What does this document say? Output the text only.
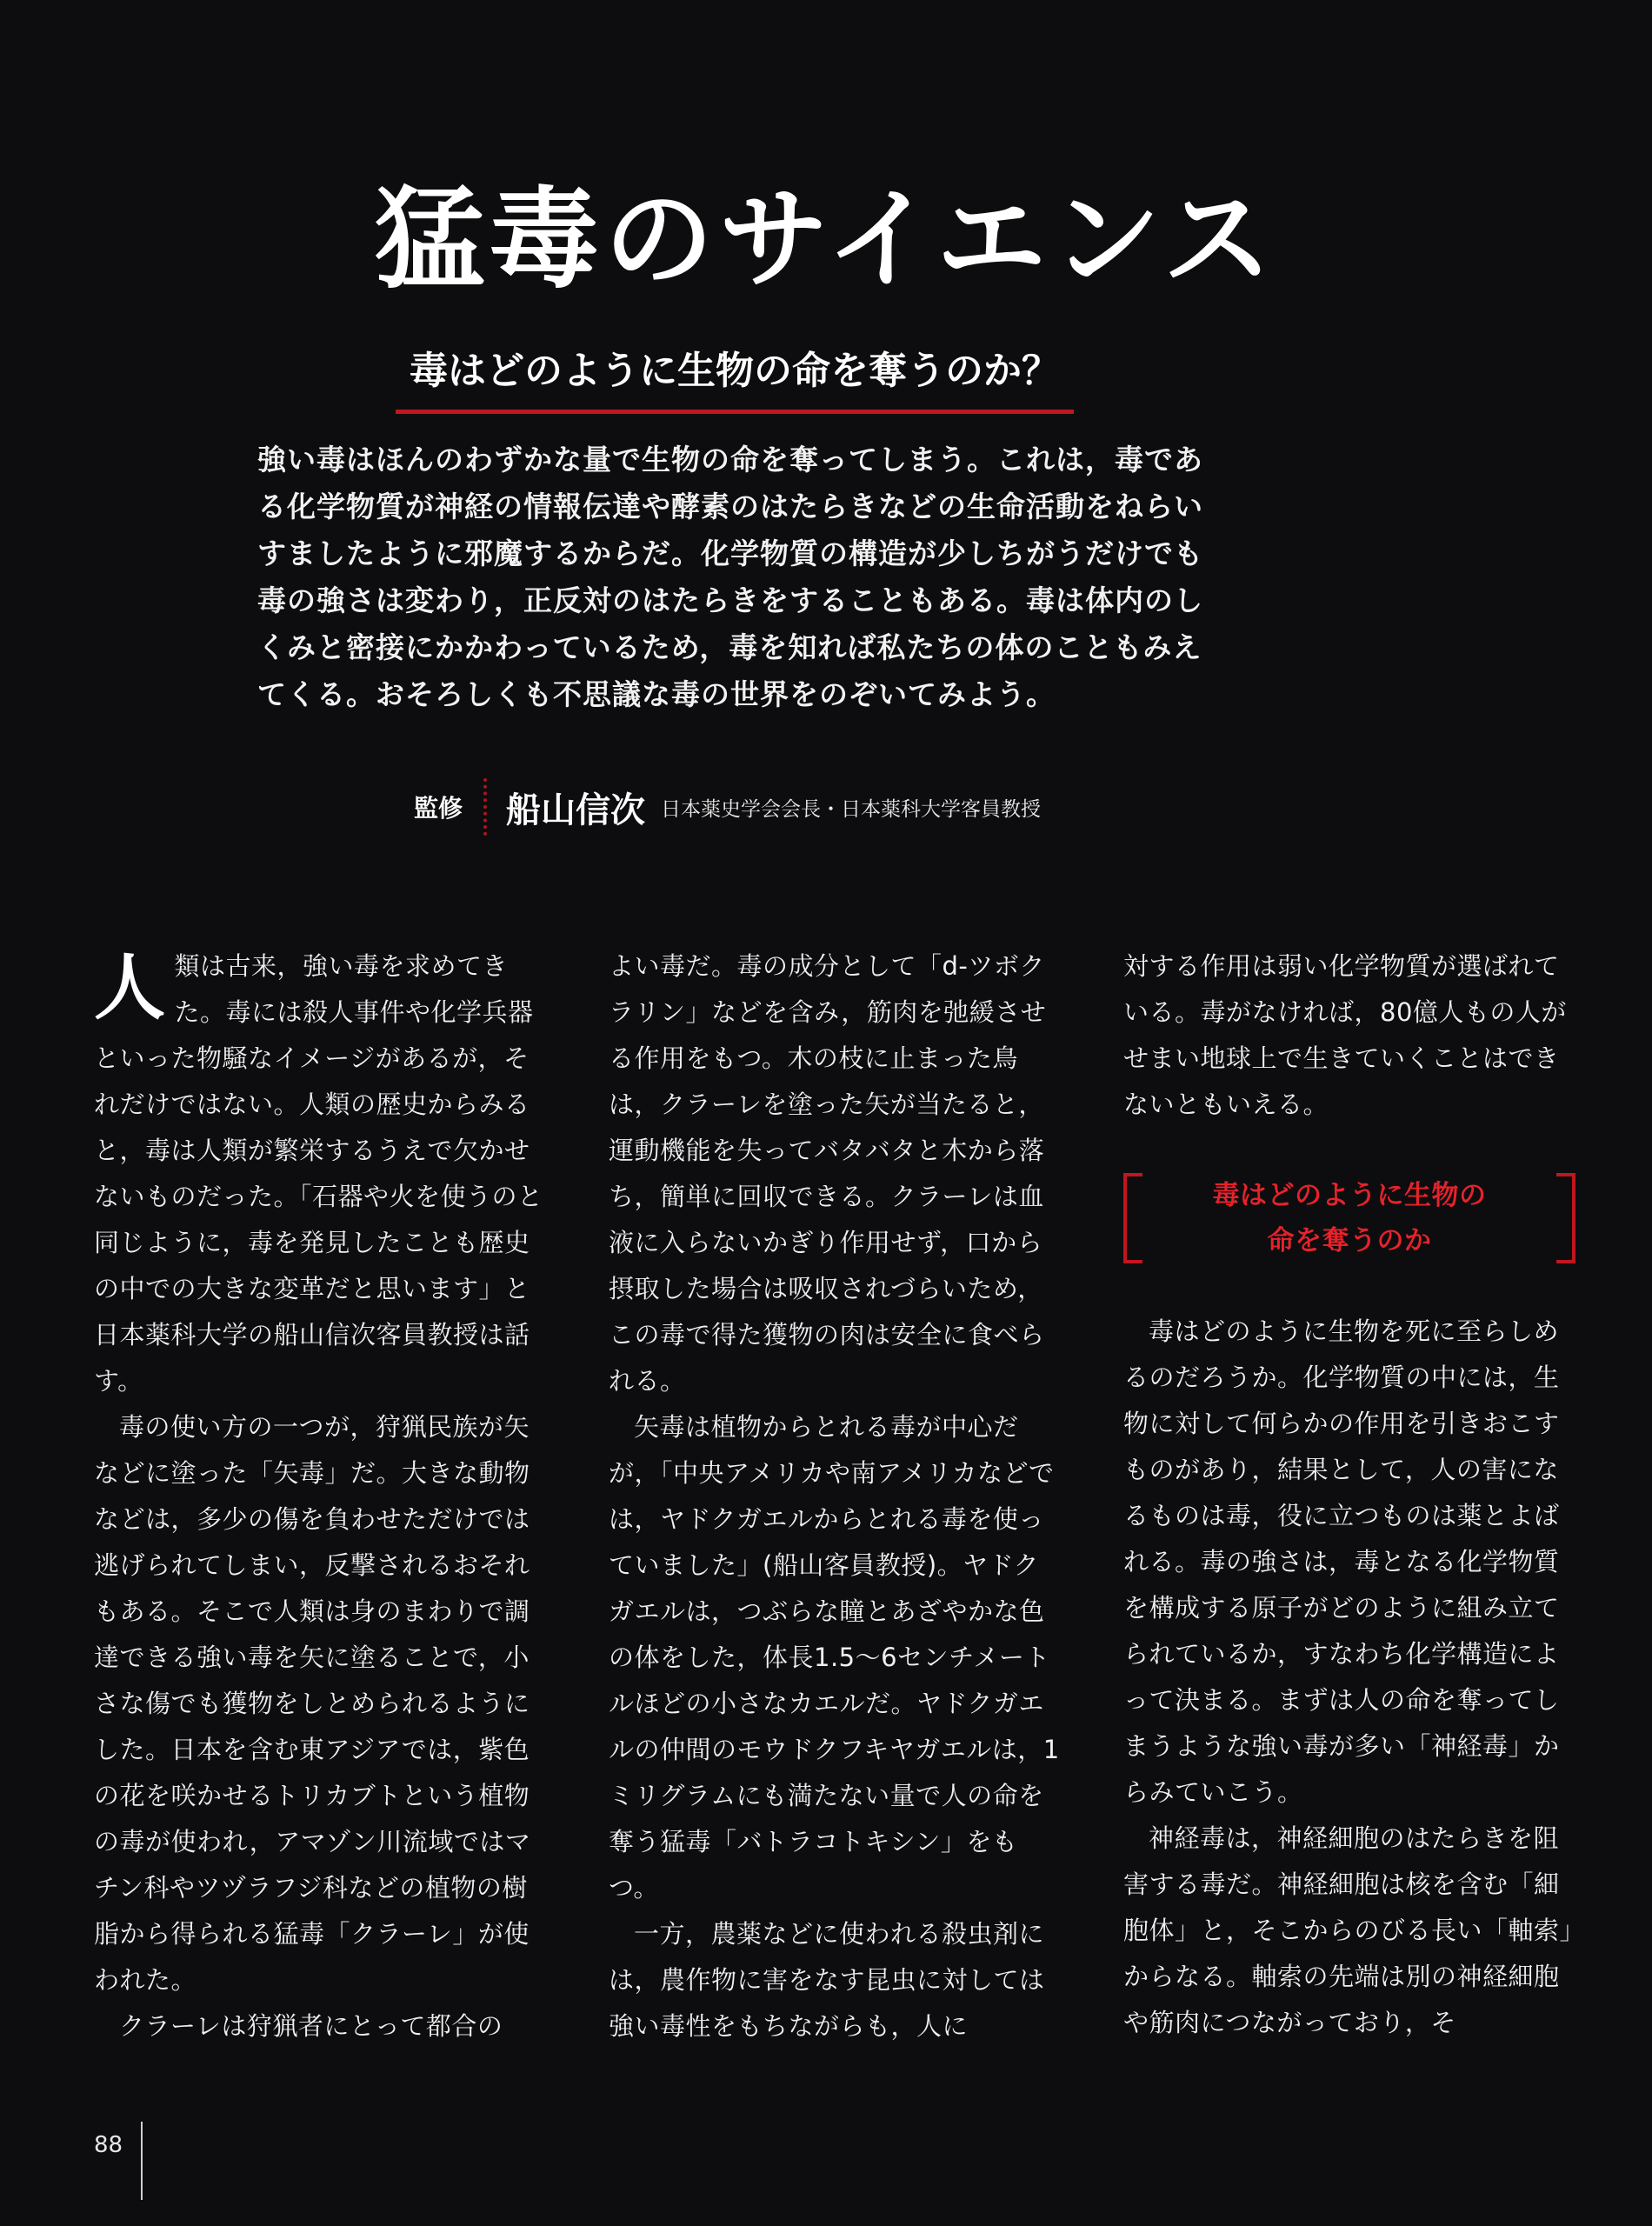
猛毒のサイエンス
毒はどのように生物の命を奪うのか？

強い毒はほんのわずかな量で生物の命を奪ってしまう。これは，毒である化学物質が神経の情報伝達や酵素のはたらきなどの生命活動をねらいすましたように邪魔するからだ。化学物質の構造が少しちがうだけでも毒の強さは変わり，正反対のはたらきをすることもある。毒は体内のしくみと密接にかかわっているため，毒を知れば私たちの体のこともみえてくる。おそろしくも不思議な毒の世界をのぞいてみよう。

監修 船山信次 日本薬史学会会長・日本薬科大学客員教授

人類は古来，強い毒を求めてきた。毒には殺人事件や化学兵器といった物騒なイメージがあるが，それだけではない。人類の歴史からみると，毒は人類が繁栄するうえで欠かせないものだった。「石器や火を使うのと同じように，毒を発見したことも歴史の中での大きな変革だと思います」と日本薬科大学の船山信次客員教授は話す。

毒の使い方の一つが，狩猟民族が矢などに塗った「矢毒」だ。大きな動物などは，多少の傷を負わせただけでは逃げられてしまい，反撃されるおそれもある。そこで人類は身のまわりで調達できる強い毒を矢に塗ることで，小さな傷でも獲物をしとめられるようにした。日本を含む東アジアでは，紫色の花を咲かせるトリカブトという植物の毒が使われ，アマゾン川流域ではマチン科やツヅラフジ科などの植物の樹脂から得られる猛毒「クラーレ」が使われた。

クラーレは狩猟者にとって都合の

よい毒だ。毒の成分として「d-ツボクラリン」などを含み，筋肉を弛緩させる作用をもつ。木の枝に止まった鳥は，クラーレを塗った矢が当たると，運動機能を失ってバタバタと木から落ち，簡単に回収できる。クラーレは血液に入らないかぎり作用せず，口から摂取した場合は吸収されづらいため，この毒で得た獲物の肉は安全に食べられる。

矢毒は植物からとれる毒が中心だが，「中央アメリカや南アメリカなどでは，ヤドクガエルからとれる毒を使っていました」(船山客員教授)。ヤドクガエルは，つぶらな瞳とあざやかな色の体をした，体長1.5〜6センチメートルほどの小さなカエルだ。ヤドクガエルの仲間のモウドクフキヤガエルは，1ミリグラムにも満たない量で人の命を奪う猛毒「バトラコトキシン」をもつ。

一方，農薬などに使われる殺虫剤には，農作物に害をなす昆虫に対しては強い毒性をもちながらも，人に

対する作用は弱い化学物質が選ばれている。毒がなければ，80億人もの人がせまい地球上で生きていくことはできないともいえる。

毒はどのように生物の
命を奪うのか

毒はどのように生物を死に至らしめるのだろうか。化学物質の中には，生物に対して何らかの作用を引きおこすものがあり，結果として，人の害になるものは毒，役に立つものは薬とよばれる。毒の強さは，毒となる化学物質を構成する原子がどのように組み立てられているか，すなわち化学構造によって決まる。まずは人の命を奪ってしまうような強い毒が多い「神経毒」からみていこう。

神経毒は，神経細胞のはたらきを阻害する毒だ。神経細胞は核を含む「細胞体」と，そこからのびる長い「軸索」からなる。軸索の先端は別の神経細胞や筋肉につながっており，そ

88
